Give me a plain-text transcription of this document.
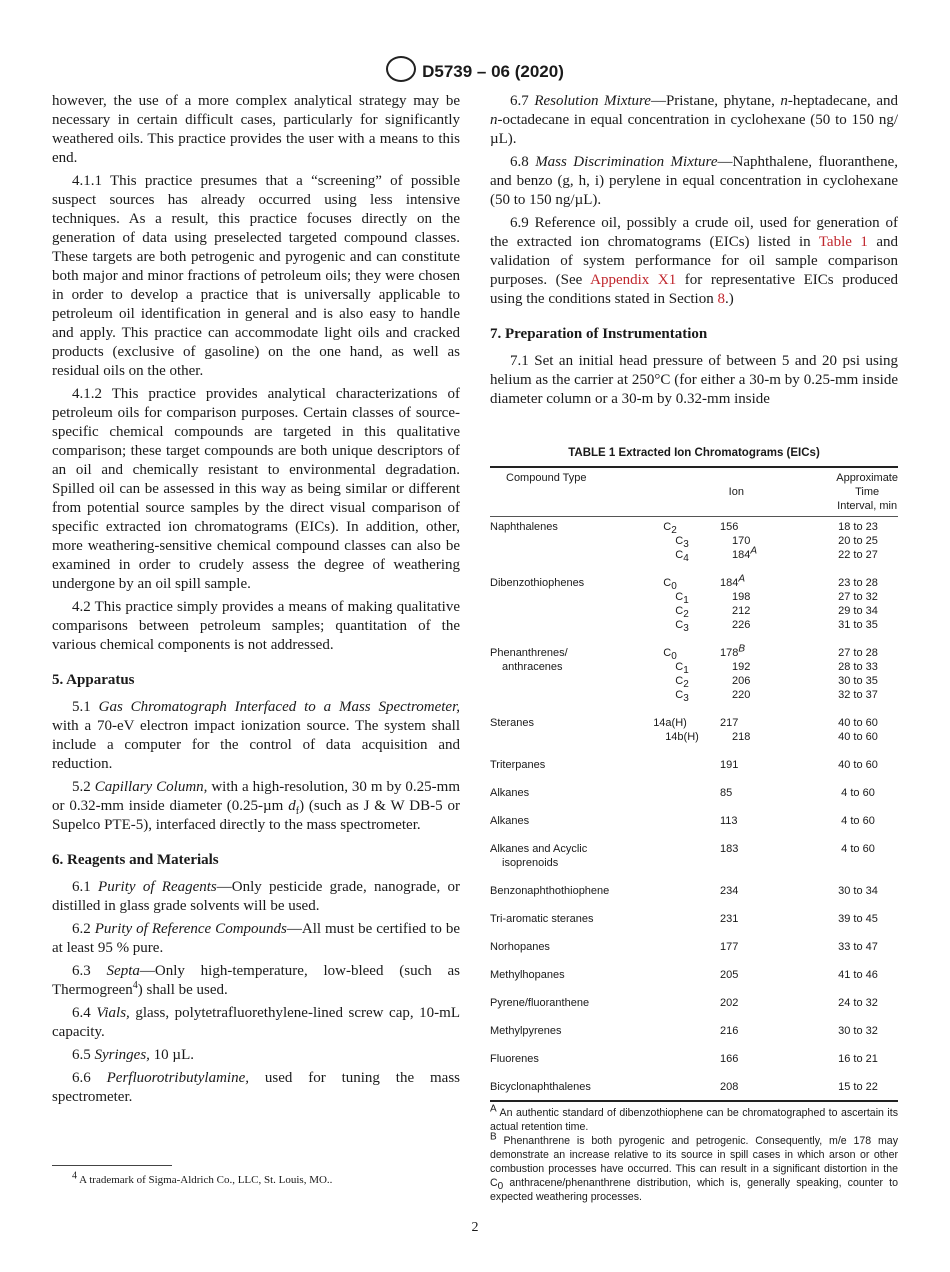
D5739 – 06 (2020)

however, the use of a more complex analytical strategy may be necessary in certain difficult cases, particularly for significantly weathered oils. This practice provides the user with a means to this end.

4.1.1 This practice presumes that a “screening” of possible suspect sources has already occurred using less intensive techniques. As a result, this practice focuses directly on the generation of data using preselected targeted compound classes. These targets are both petrogenic and pyrogenic and can constitute both major and minor fractions of petroleum oils; they were chosen in order to develop a practice that is universally applicable to petroleum oil identification in general and is also easy to handle and apply. This practice can accommodate light oils and cracked products (exclusive of gasoline) on the one hand, as well as residual oils on the other.

4.1.2 This practice provides analytical characterizations of petroleum oils for comparison purposes. Certain classes of source-specific chemical compounds are targeted in this qualitative comparison; these target compounds are both unique descriptors of an oil and chemically resistant to environmental degradation. Spilled oil can be assessed in this way as being similar or different from potential source samples by the direct visual comparison of specific extracted ion chromatograms (EICs). In addition, other, more weathering-sensitive chemical compound classes can also be examined in order to crudely assess the degree of weathering undergone by an oil spill sample.

4.2 This practice simply provides a means of making qualitative comparisons between petroleum samples; quantitation of the various chemical components is not addressed.

5. Apparatus

5.1 Gas Chromatograph Interfaced to a Mass Spectrometer, with a 70-eV electron impact ionization source. The system shall include a computer for the control of data acquisition and reduction.

5.2 Capillary Column, with a high-resolution, 30 m by 0.25-mm or 0.32-mm inside diameter (0.25-µm $d_f$) (such as J & W DB-5 or Supelco PTE-5), interfaced directly to the mass spectrometer.

6. Reagents and Materials

6.1 Purity of Reagents—Only pesticide grade, nanograde, or distilled in glass grade solvents will be used.

6.2 Purity of Reference Compounds—All must be certified to be at least 95 % pure.

6.3 Septa—Only high-temperature, low-bleed (such as Thermogreen$^4$) shall be used.

6.4 Vials, glass, polytetrafluorethylene-lined screw cap, 10-mL capacity.

6.5 Syringes, 10 µL.

6.6 Perfluorotributylamine, used for tuning the mass spectrometer.

6.7 Resolution Mixture—Pristane, phytane, n-heptadecane, and n-octadecane in equal concentration in cyclohexane (50 to 150 ng/µL).

6.8 Mass Discrimination Mixture—Naphthalene, fluoranthene, and benzo (g, h, i) perylene in equal concentration in cyclohexane (50 to 150 ng/µL).

6.9 Reference oil, possibly a crude oil, used for generation of the extracted ion chromatograms (EICs) listed in Table 1 and validation of system performance for oil sample comparison purposes. (See Appendix X1 for representative EICs produced using the conditions stated in Section 8.)

7. Preparation of Instrumentation

7.1 Set an initial head pressure of between 5 and 20 psi using helium as the carrier at 250°C (for either a 30-m by 0.25-mm inside diameter column or a 30-m by 0.32-mm inside

TABLE 1 Extracted Ion Chromatograms (EICs)
Compound Type
Ion
Approximate Time Interval, min
Naphthalenes	$C_2$	156	18 to 23
$C_3$	170	20 to 25
$C_4$	$184^A$	22 to 27
Dibenzothiophenes	$C_0$	$184^A$	23 to 28
$C_1$	198	27 to 32
$C_2$	212	29 to 34
$C_3$	226	31 to 35
Phenanthrenes/	$C_0$	$178^B$	27 to 28
anthracenes	$C_1$	192	28 to 33
$C_2$	206	30 to 35
$C_3$	220	32 to 37
Steranes	14a(H)	217	40 to 60
14b(H)	218	40 to 60
Triterpanes	191	40 to 60
Alkanes	85	4 to 60
Alkanes	113	4 to 60
Alkanes and Acyclic	183	4 to 60
isoprenoids
Benzonaphthothiophene	234	30 to 34
Tri-aromatic steranes	231	39 to 45
Norhopanes	177	33 to 47
Methylhopanes	205	41 to 46
Pyrene/fluoranthene	202	24 to 32
Methylpyrenes	216	30 to 32
Fluorenes	166	16 to 21
Bicyclonaphthalenes	208	15 to 22
$^A$ An authentic standard of dibenzothiophene can be chromatographed to ascertain its actual retention time.
$^B$ Phenanthrene is both pyrogenic and petrogenic. Consequently, m/e 178 may demonstrate an increase relative to its source in spill cases in which arson or other combustion processes have occurred. This can result in a significant distortion in the $C_0$ anthracene/phenanthrene distribution, which is, generally speaking, counter to expected weathering processes.
$^4$ A trademark of Sigma-Aldrich Co., LLC, St. Louis, MO..
2
